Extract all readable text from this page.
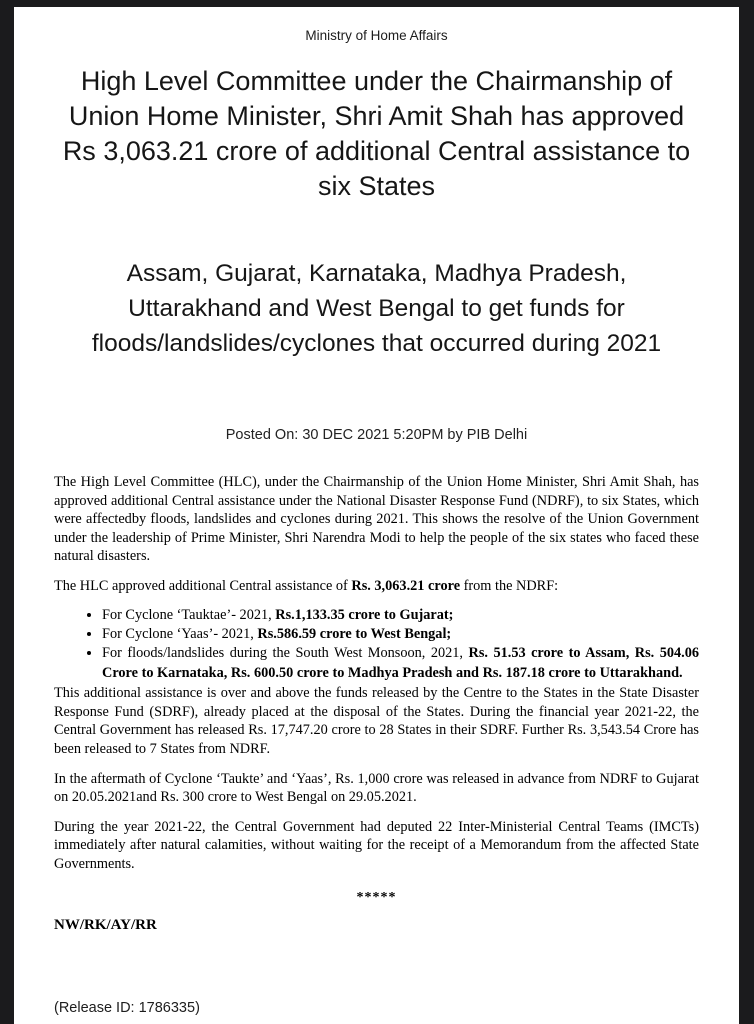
Ministry of Home Affairs
High Level Committee under the Chairmanship of
Union Home Minister, Shri Amit Shah has approved
Rs 3,063.21 crore of additional Central assistance to
six States
Assam, Gujarat, Karnataka, Madhya Pradesh,
Uttarakhand and West Bengal to get funds for
floods/landslides/cyclones that occurred during 2021
Posted On: 30 DEC 2021 5:20PM by PIB Delhi

The High Level Committee (HLC), under the Chairmanship of the Union Home Minister, Shri Amit Shah, has approved additional Central assistance under the National Disaster Response Fund (NDRF), to six States, which were affectedby floods, landslides and cyclones during 2021. This shows the resolve of the Union Government under the leadership of Prime Minister, Shri Narendra Modi to help the people of the six states who faced these natural disasters.

The HLC approved additional Central assistance of Rs. 3,063.21 crore from the NDRF:

• For Cyclone ‘Tauktae’- 2021, Rs.1,133.35 crore to Gujarat;
• For Cyclone ‘Yaas’- 2021, Rs.586.59 crore to West Bengal;
• For floods/landslides during the South West Monsoon, 2021, Rs. 51.53 crore to Assam, Rs. 504.06 Crore to Karnataka, Rs. 600.50 crore to Madhya Pradesh and Rs. 187.18 crore to Uttarakhand.

This additional assistance is over and above the funds released by the Centre to the States in the State Disaster Response Fund (SDRF), already placed at the disposal of the States. During the financial year 2021-22, the Central Government has released Rs. 17,747.20 crore to 28 States in their SDRF. Further Rs. 3,543.54 Crore has been released to 7 States from NDRF.

In the aftermath of Cyclone ‘Taukte’ and ‘Yaas’, Rs. 1,000 crore was released in advance from NDRF to Gujarat on 20.05.2021and Rs. 300 crore to West Bengal on 29.05.2021.

During the year 2021-22, the Central Government had deputed 22 Inter-Ministerial Central Teams (IMCTs) immediately after natural calamities, without waiting for the receipt of a Memorandum from the affected State Governments.

*****
NW/RK/AY/RR
(Release ID: 1786335)
